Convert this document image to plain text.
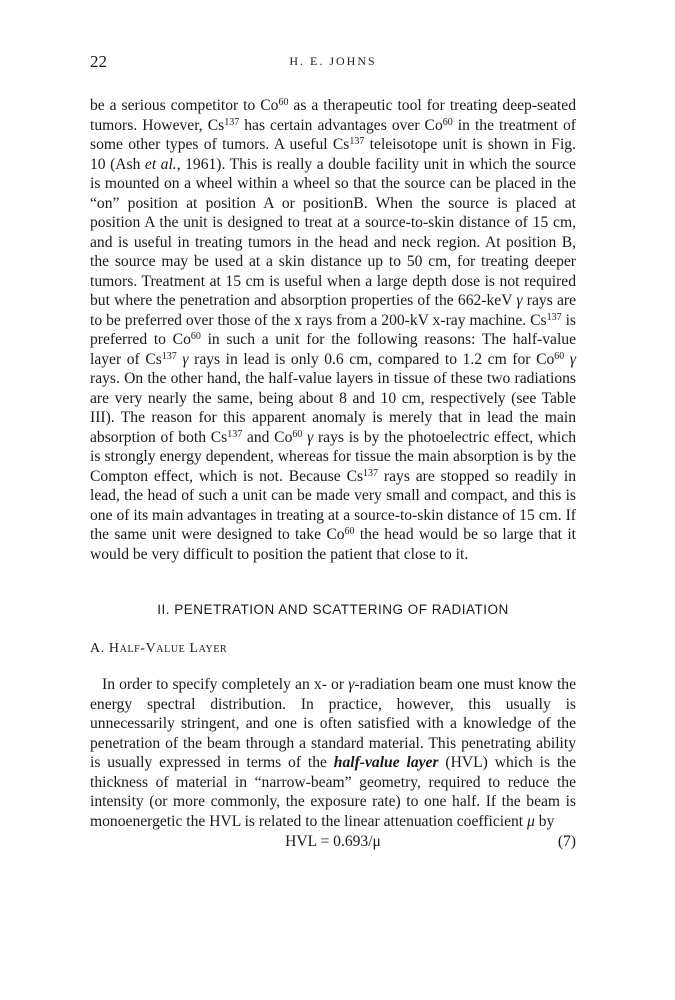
22	H. E. JOHNS

be a serious competitor to Co$^{60}$ as a therapeutic tool for treating deep-seated tumors. However, Cs$^{137}$ has certain advantages over Co$^{60}$ in the treatment of some other types of tumors. A useful Cs$^{137}$ teleisotope unit is shown in Fig. 10 (Ash et al., 1961). This is really a double facility unit in which the source is mounted on a wheel within a wheel so that the source can be placed in the “on” position at position A or positionB. When the source is placed at position A the unit is designed to treat at a source-to-skin distance of 15 cm, and is useful in treating tumors in the head and neck region. At position B, the source may be used at a skin distance up to 50 cm, for treating deeper tumors. Treatment at 15 cm is useful when a large depth dose is not required but where the penetration and absorption properties of the 662-keV γ rays are to be preferred over those of the x rays from a 200-kV x-ray machine. Cs$^{137}$ is preferred to Co$^{60}$ in such a unit for the following reasons: The half-value layer of Cs$^{137}$ γ rays in lead is only 0.6 cm, compared to 1.2 cm for Co$^{60}$ γ rays. On the other hand, the half-value layers in tissue of these two radiations are very nearly the same, being about 8 and 10 cm, respectively (see Table III). The reason for this apparent anomaly is merely that in lead the main absorption of both Cs$^{137}$ and Co$^{60}$ γ rays is by the photoelectric effect, which is strongly energy dependent, whereas for tissue the main absorption is by the Compton effect, which is not. Because Cs$^{137}$ rays are stopped so readily in lead, the head of such a unit can be made very small and compact, and this is one of its main advantages in treating at a source-to-skin distance of 15 cm. If the same unit were designed to take Co$^{60}$ the head would be so large that it would be very difficult to position the patient that close to it.

II. PENETRATION AND SCATTERING OF RADIATION
A. Half-Value Layer

In order to specify completely an x- or γ-radiation beam one must know the energy spectral distribution. In practice, however, this usually is unnecessarily stringent, and one is often satisfied with a knowledge of the penetration of the beam through a standard material. This penetrating ability is usually expressed in terms of the half-value layer (HVL) which is the thickness of material in “narrow-beam” geometry, required to reduce the intensity (or more commonly, the exposure rate) to one half. If the beam is monoenergetic the HVL is related to the linear attenuation coefficient μ by

HVL = 0.693/μ	(7)
